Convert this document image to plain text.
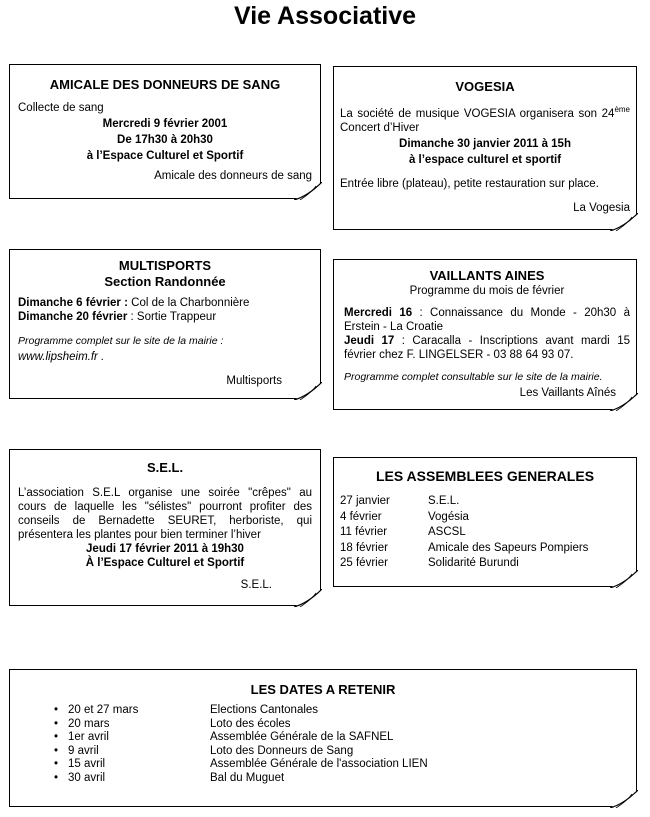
Vie Associative
AMICALE DES DONNEURS DE SANG

Collecte de sang

Mercredi 9 février 2001

De 17h30 à 20h30

à l’Espace Culturel et Sportif

Amicale des donneurs de sang

VOGESIA

La société de musique VOGESIA organisera son 24ème Concert d’Hiver

Dimanche 30 janvier 2011 à 15h

à l’espace culturel et sportif

Entrée libre (plateau), petite restauration sur place.

La Vogesia

MULTISPORTS
Section Randonnée

Dimanche 6 février : Col de la Charbonnière

Dimanche 20 février : Sortie Trappeur

Programme complet sur le site de la mairie :

www.lipsheim.fr .

Multisports

VAILLANTS AINES
Programme du mois de février

Mercredi 16 : Connaissance du Monde - 20h30 à Erstein - La Croatie

Jeudi 17 : Caracalla - Inscriptions avant mardi 15 février chez F. LINGELSER - 03 88 64 93 07.

Programme complet consultable sur le site de la mairie.

Les Vaillants Aînés

S.E.L.

L’association S.E.L organise une soirée "crêpes" au cours de laquelle les "sélistes" pourront profiter des conseils de Bernadette SEURET, herboriste, qui présentera les plantes pour bien terminer l’hiver

Jeudi 17 février 2011 à 19h30

À l’Espace Culturel et Sportif

S.E.L.

LES ASSEMBLEES GENERALES
27 janvier	S.E.L.
4 février	Vogésia
11 février	ASCSL
18 février	Amicale des Sapeurs Pompiers
25 février	Solidarité Burundi
LES DATES A RETENIR
• 20 et 27 mars	Elections Cantonales
• 20 mars	Loto des écoles
• 1er avril	Assemblée Générale de la SAFNEL
• 9 avril	Loto des Donneurs de Sang
• 15 avril	Assemblée Générale de l'association LIEN
• 30 avril	Bal du Muguet
